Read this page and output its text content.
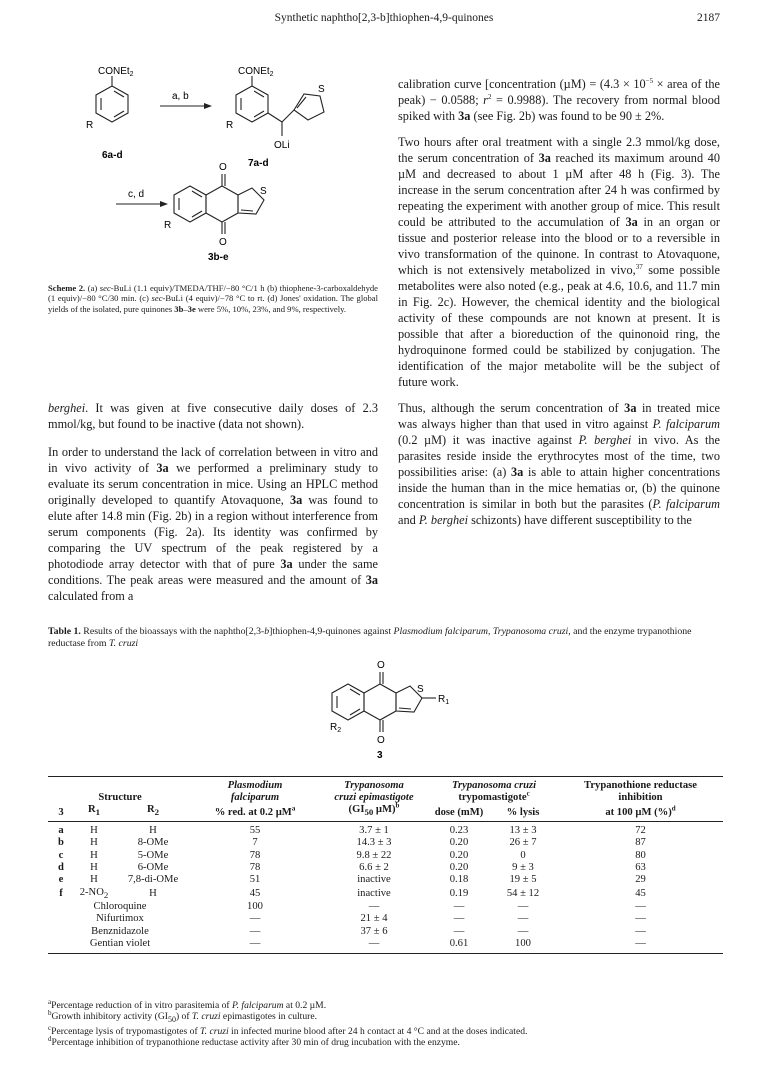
Synthetic naphtho[2,3-b]thiophen-4,9-quinones	2187
CONEt$_2$
R
6a-d
a, b
CONEt$_2$
S
R
OLi
7a-d
c, d
O
O
S
R
3b-e
Scheme 2. (a) sec-BuLi (1.1 equiv)/TMEDA/THF/−80 °C/1 h (b) thiophene-3-carboxaldehyde (1 equiv)/−80 °C/30 min. (c) sec-BuLi (4 equiv)/−78 °C to rt. (d) Jones' oxidation. The global yields of the isolated, pure quinones 3b–3e were 5%, 10%, 23%, and 9%, respectively.

berghei. It was given at five consecutive daily doses of 2.3 mmol/kg, but found to be inactive (data not shown).

In order to understand the lack of correlation between in vitro and in vivo activity of 3a we performed a preliminary study to evaluate its serum concentration in mice. Using an HPLC method originally developed to quantify Atovaquone, 3a was found to elute after 14.8 min (Fig. 2b) in a region without interference from serum components (Fig. 2a). Its identity was confirmed by comparing the UV spectrum of the peak registered by a photodiode array detector with that of pure 3a under the same conditions. The peak areas were measured and the amount of 3a calculated from a

calibration curve [concentration $(\mu M) = (4.3 \times 10^{-5}$ × area of the peak) − 0.0588; $r^2 = 0.9988$). The recovery from normal blood spiked with 3a (see Fig. 2b) was found to be 90 ± 2%.

Two hours after oral treatment with a single 2.3 mmol/kg dose, the serum concentration of 3a reached its maximum around 40 µM and decreased to about 1 µM after 48 h (Fig. 3). The increase in the serum concentration after 24 h was confirmed by repeating the experiment with another group of mice. This result could be attributed to the accumulation of 3a in an organ or tissue and posterior release into the blood or to a reversible in vivo transformation of the quinone. In contrast to Atovaquone, which is not extensively metabolized in vivo,$^{37}$ some possible metabolites were also noted (e.g., peak at 4.6, 10.6, and 11.7 min in Fig. 2c). However, the chemical identity and the biological activity of these compounds are not known at present. It is possible that after a bioreduction of the quinonoid ring, the hydroquinone formed could be stabilized by conjugation. The identification of the major metabolite will be the subject of future work.

Thus, although the serum concentration of 3a in treated mice was always higher than that used in vitro against P. falciparum (0.2 µM) it was inactive against P. berghei in vivo. As the parasites reside inside the erythrocytes most of the time, two possibilities arise: (a) 3a is able to attain higher concentrations inside the human than in the mice hematias or, (b) the quinone concentration is similar in both but the parasites (P. falciparum and P. berghei schizonts) have different susceptibility to the

Table 1. Results of the bioassays with the naphtho[2,3-b]thiophen-4,9-quinones against Plasmodium falciparum, Trypanosoma cruzi, and the enzyme trypanothione reductase from T. cruzi
O
O
S
$R_1$
$R_2$
3
			Plasmodium	Trypanosoma	Trypanosoma cruzi		Trypanothione reductase
Structure			falciparum	cruzi epimastigote	trypomastigote$^c$		inhibition
3	$R_1$	$R_2$	% red. at 0.2 µM$^a$	($GI_{50}$ µM)$^b$	dose (mM)	% lysis	at 100 µM (%)$^d$
a	H	H	55	3.7 ± 1	0.23	13 ± 3	72
b	H	8-OMe	7	14.3 ± 3	0.20	26 ± 7	87
c	H	5-OMe	78	9.8 ± 22	0.20	0	80
d	H	6-OMe	78	6.6 ± 2	0.20	9 ± 3	63
e	H	7,8-di-OMe	51	inactive	0.18	19 ± 5	29
f	$2-NO_2$	H	45	inactive	0.19	54 ± 12	45
Chloroquine			100	—	—	—	—
Nifurtimox			—	21 ± 4	—	—	—
Benznidazole			—	37 ± 6	—	—	—
Gentian violet			—	—	0.61	100	—
$^a$Percentage reduction of in vitro parasitemia of P. falciparum at 0.2 µM.
$^b$Growth inhibitory activity $(GI_{50})$ of T. cruzi epimastigotes in culture.
$^c$Percentage lysis of trypomastigotes of T. cruzi in infected murine blood after 24 h contact at 4 °C and at the doses indicated.
$^d$Percentage inhibition of trypanothione reductase activity after 30 min of drug incubation with the enzyme.
